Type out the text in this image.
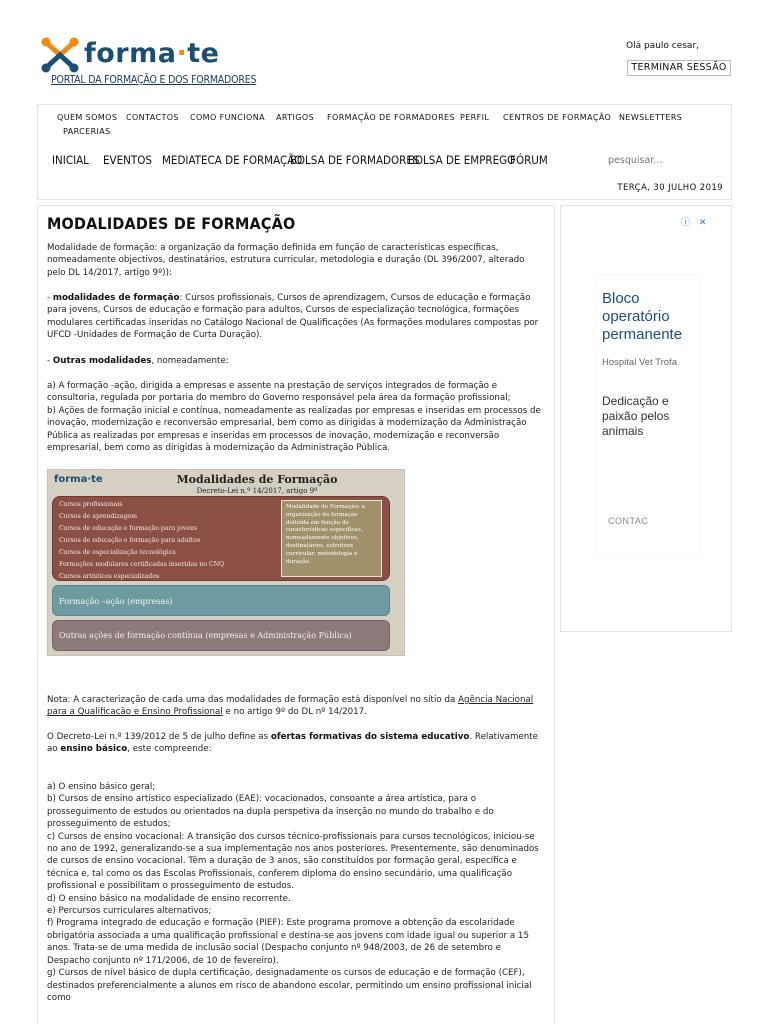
forma·te
PORTAL DA FORMAÇÃO E DOS FORMADORES
Olá paulo cesar,
TERMINAR SESSÃO
QUEM SOMOS CONTACTOS COMO FUNCIONA ARTIGOS FORMAÇÃO DE FORMADORES PERFIL CENTROS DE FORMAÇÃO NEWSLETTERS
PARCERIAS
INICIAL EVENTOS MEDIATECA DE FORMAÇÃO
BOLSA DE FORMADORES
BOLSA DE EMPREGO
FÓRUM
pesquisar...
TERÇA, 30 JULHO 2019
MODALIDADES DE FORMAÇÃO

Modalidade de formação: a organização da formação definida em função de características específicas, nomeadamente objectivos, destinatários, estrutura curricular, metodologia e duração (DL 396/2007, alterado pelo DL 14/2017, artigo 9º)):

- modalidades de formação: Cursos profissionais, Cursos de aprendizagem, Cursos de educação e formação para jovens, Cursos de educação e formação para adultos, Cursos de especialização tecnológica, formações modulares certificadas inseridas no Catálogo Nacional de Qualificações (As formações modulares compostas por UFCD -Unidades de Formação de Curta Duração).

- Outras modalidades, nomeadamente:

a) A formação -ação, dirigida a empresas e assente na prestação de serviços integrados de formação e consultoria, regulada por portaria do membro do Governo responsável pela área da formação profissional;

b) Ações de formação inicial e contínua, nomeadamente as realizadas por empresas e inseridas em processos de inovação, modernização e reconversão empresarial, bem como as dirigidas à modernização da Administração Pública as realizadas por empresas e inseridas em processos de inovação, modernização e reconversão empresarial, bem como as dirigidas à modernização da Administração Pública.

forma·te	Modalidades de Formação
Decreto-Lei n.º 14/2017, artigo 9º
Cursos profissionais
Cursos de aprendizagem
Cursos de educação e formação para jovens
Cursos de educação e formação para adultos
Cursos de especialização tecnológica
Formações modulares certificadas inseridas no CNQ
Cursos artísticos especializados
Modalidade de Formação: a organização da formação definida em função de características específicas, nomeadamente objetivos, destinatários, estrutura curricular, metodologia e duração.
Formação –ação (empresas)
Outras ações de formação contínua (empresas e Administração Pública)

Nota: A caracterização de cada uma das modalidades de formação está disponível no sítio da Agência Nacional para a Qualificação e Ensino Profissional e no artigo 9º do DL nº 14/2017.

O Decreto-Lei n.º 139/2012 de 5 de julho define as ofertas formativas do sistema educativo. Relativamente ao ensino básico, este compreende:

a) O ensino básico geral;
b) Cursos de ensino artístico especializado (EAE): vocacionados, consoante a área artística, para o prosseguimento de estudos ou orientados na dupla perspetiva da inserção no mundo do trabalho e do prosseguimento de estudos;
c) Cursos de ensino vocacional: A transição dos cursos técnico-profissionais para cursos tecnológicos, iniciou-se no ano de 1992, generalizando-se a sua implementação nos anos posteriores. Presentemente, são denominados de cursos de ensino vocacional. Têm a duração de 3 anos, são constituídos por formação geral, específica e técnica e, tal como os das Escolas Profissionais, conferem diploma do ensino secundário, uma qualificação profissional e possibilitam o prosseguimento de estudos.
d) O ensino básico na modalidade de ensino recorrente.
e) Percursos curriculares alternativos;
f) Programa integrado de educação e formação (PIEF): Este programa promove a obtenção da escolaridade obrigatória associada a uma qualificação profissional e destina-se aos jovens com idade igual ou superior a 15 anos. Trata-se de uma medida de inclusão social (Despacho conjunto nº 948/2003, de 26 de setembro e Despacho conjunto nº 171/2006, de 10 de fevereiro).
g) Cursos de nível básico de dupla certificação, designadamente os cursos de educação e de formação (CEF), destinados preferencialmente a alunos em risco de abandono escolar, permitindo um ensino profissional inicial como
ⓘ ✕
Bloco operatório permanente
Hospital Vet Trofa
Dedicação e paixão pelos animais
CONTAC
